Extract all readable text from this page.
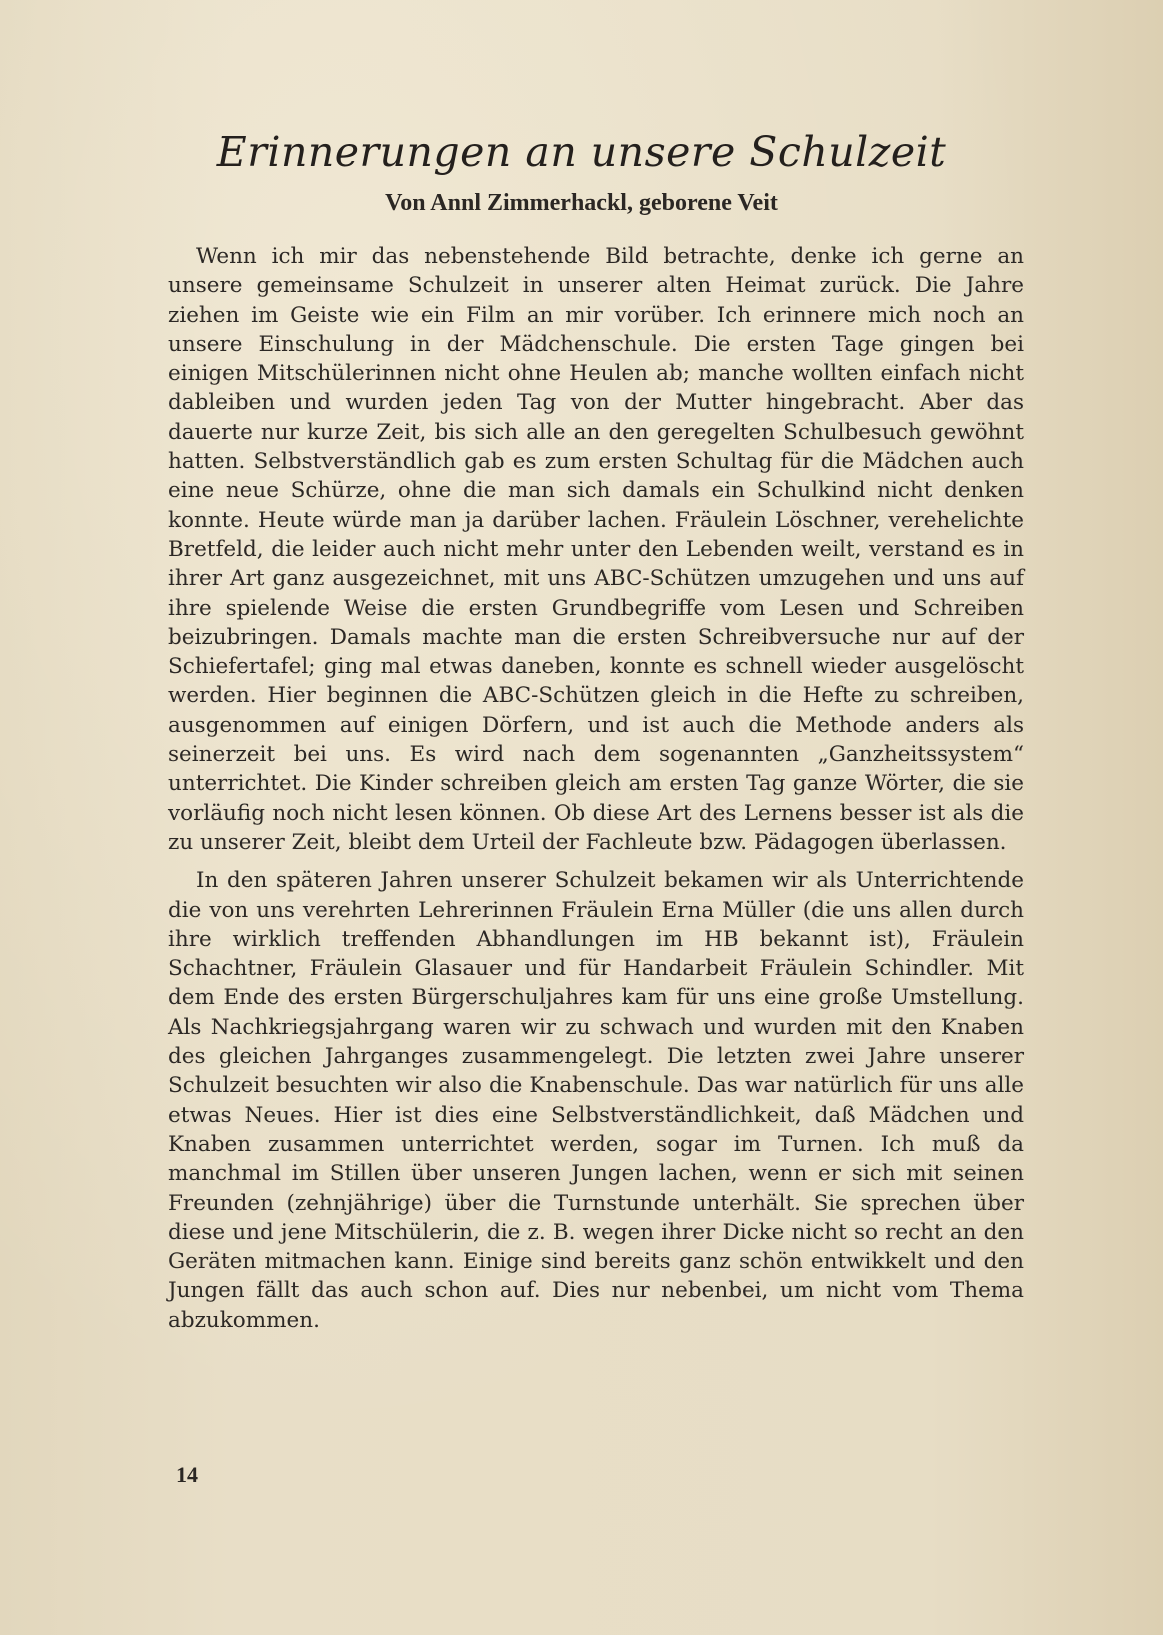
Erinnerungen an unsere Schulzeit
Von Annl Zimmerhackl, geborene Veit

Wenn ich mir das nebenstehende Bild betrachte, denke ich gerne an unsere gemeinsame Schulzeit in unserer alten Heimat zurück. Die Jahre ziehen im Geiste wie ein Film an mir vorüber. Ich erinnere mich noch an unsere Einschulung in der Mädchenschule. Die ersten Tage gingen bei einigen Mitschülerinnen nicht ohne Heulen ab; manche wollten einfach nicht dableiben und wurden jeden Tag von der Mutter hingebracht. Aber das dauerte nur kurze Zeit, bis sich alle an den geregelten Schulbesuch gewöhnt hatten. Selbstverständlich gab es zum ersten Schultag für die Mädchen auch eine neue Schürze, ohne die man sich damals ein Schulkind nicht denken konnte. Heute würde man ja darüber lachen. Fräulein Löschner, verehelichte Bretfeld, die leider auch nicht mehr unter den Lebenden weilt, verstand es in ihrer Art ganz ausgezeichnet, mit uns ABC-Schützen umzugehen und uns auf ihre spielende Weise die ersten Grundbegriffe vom Lesen und Schreiben beizubringen. Damals machte man die ersten Schreibversuche nur auf der Schiefertafel; ging mal etwas daneben, konnte es schnell wieder ausgelöscht werden. Hier beginnen die ABC-Schützen gleich in die Hefte zu schreiben, ausgenommen auf einigen Dörfern, und ist auch die Methode anders als seinerzeit bei uns. Es wird nach dem sogenannten „Ganzheitssystem“ unterrichtet. Die Kinder schreiben gleich am ersten Tag ganze Wörter, die sie vorläufig noch nicht lesen können. Ob diese Art des Lernens besser ist als die zu unserer Zeit, bleibt dem Urteil der Fachleute bzw. Pädagogen überlassen.

In den späteren Jahren unserer Schulzeit bekamen wir als Unterrichtende die von uns verehrten Lehrerinnen Fräulein Erna Müller (die uns allen durch ihre wirklich treffenden Abhandlungen im HB bekannt ist), Fräulein Schachtner, Fräulein Glasauer und für Handarbeit Fräulein Schindler. Mit dem Ende des ersten Bürgerschuljahres kam für uns eine große Umstellung. Als Nachkriegsjahrgang waren wir zu schwach und wurden mit den Knaben des gleichen Jahrganges zusammengelegt. Die letzten zwei Jahre unserer Schulzeit besuchten wir also die Knabenschule. Das war natürlich für uns alle etwas Neues. Hier ist dies eine Selbstverständlichkeit, daß Mädchen und Knaben zusammen unterrichtet werden, sogar im Turnen. Ich muß da manchmal im Stillen über unseren Jungen lachen, wenn er sich mit seinen Freunden (zehnjährige) über die Turnstunde unterhält. Sie sprechen über diese und jene Mitschülerin, die z. B. wegen ihrer Dicke nicht so recht an den Geräten mitmachen kann. Einige sind bereits ganz schön entwikkelt und den Jungen fällt das auch schon auf. Dies nur nebenbei, um nicht vom Thema abzukommen.

14
